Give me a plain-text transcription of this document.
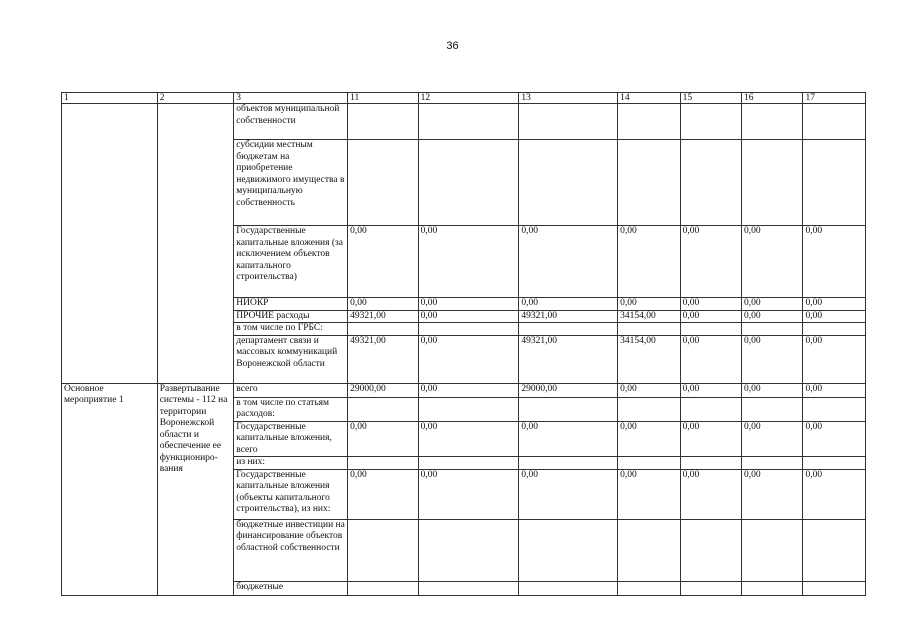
36
1	2	3	11	12	13	14	15	16	17
		объектов муниципальной собственности							
		субсидии местным бюджетам на приобретение недвижимого имущества в муниципальную собственность							
		Государственные капитальные вложения (за исключением объектов капитального строительства)	0,00	0,00	0,00	0,00	0,00	0,00	0,00
		НИОКР	0,00	0,00	0,00	0,00	0,00	0,00	0,00
		ПРОЧИЕ расходы	49321,00	0,00	49321,00	34154,00	0,00	0,00	0,00
		в том числе по ГРБС:							
		департамент связи и массовых коммуникаций Воронежской области	49321,00	0,00	49321,00	34154,00	0,00	0,00	0,00
Основное мероприятие 1	Развертывание системы - 112 на территории Воронежской области и обеспечение ее функциониро-вания	всего	29000,00	0,00	29000,00	0,00	0,00	0,00	0,00
		в том числе по статьям расходов:							
		Государственные капитальные вложения, всего	0,00	0,00	0,00	0,00	0,00	0,00	0,00
		из них:							
		Государственные капитальные вложения (объекты капитального строительства), из них:	0,00	0,00	0,00	0,00	0,00	0,00	0,00
		бюджетные инвестиции на финансирование объектов областной собственности							
		бюджетные							
